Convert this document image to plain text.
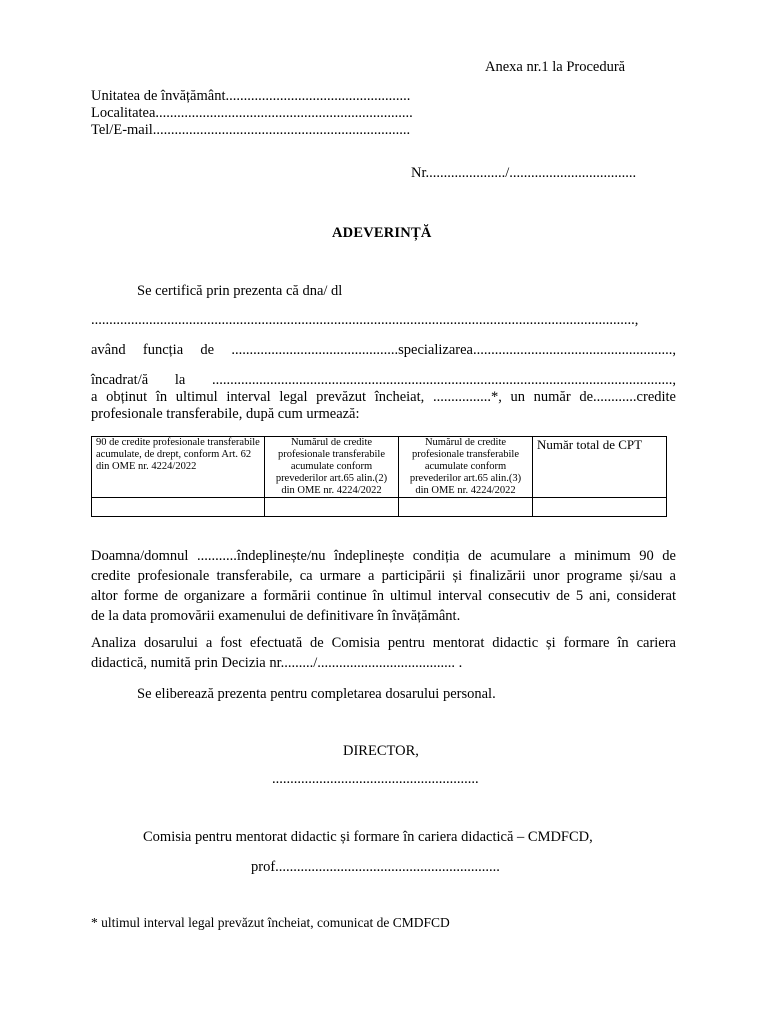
Anexa nr.1 la Procedură
Unitatea de învățământ...................................................
Localitatea.......................................................................
Tel/E-mail.......................................................................
Nr....................../...................................
ADEVERINȚĂ
Se certifică prin prezenta că dna/ dl
......................................................................................................................................................,
având funcția de ..............................................specializarea.......................................................,
încadrat/ă la ...............................................................................................................................,
a obținut în ultimul interval legal prevăzut încheiat, ................*, un număr de............credite
profesionale transferabile, după cum urmează:
90 de credite profesionale transferabile acumulate, de drept, conform Art. 62 din OME nr. 4224/2022	Numărul de credite profesionale transferabile acumulate conform prevederilor art.65 alin.(2) din OME nr. 4224/2022	Numărul de credite profesionale transferabile acumulate conform prevederilor art.65 alin.(3) din OME nr. 4224/2022	Număr total de CPT

Doamna/domnul ...........îndeplinește/nu îndeplinește condiția de acumulare a minimum 90 de
credite profesionale transferabile, ca urmare a participării și finalizării unor programe și/sau a
altor forme de organizare a formării continue în ultimul interval consecutiv de 5 ani, considerat
de la data promovării examenului de definitivare în învățământ.
Analiza dosarului a fost efectuată de Comisia pentru mentorat didactic și formare în cariera
didactică, numită prin Decizia nr........./...................................... .
Se eliberează prezenta pentru completarea dosarului personal.
DIRECTOR,
.........................................................
Comisia pentru mentorat didactic și formare în cariera didactică – CMDFCD,
prof..............................................................
* ultimul interval legal prevăzut încheiat, comunicat de CMDFCD
